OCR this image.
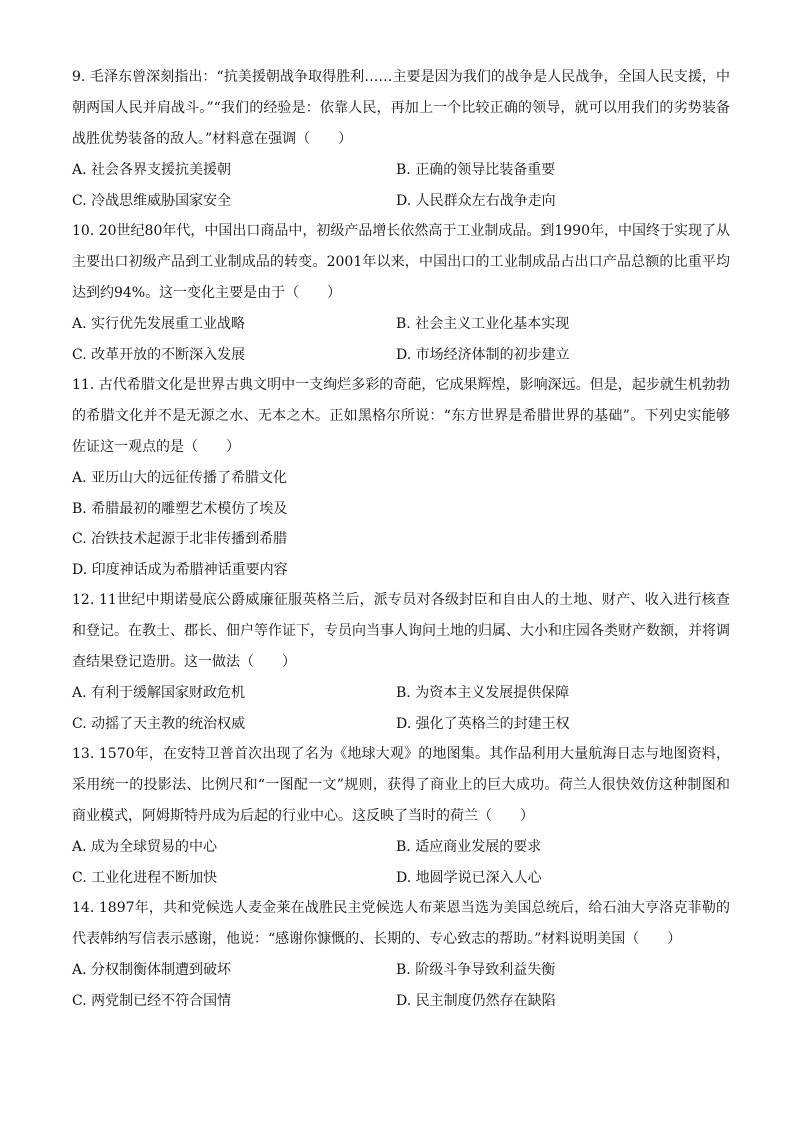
9. 毛泽东曾深刻指出：“抗美援朝战争取得胜利……主要是因为我们的战争是人民战争，全国人民支援，中朝两国人民并肩战斗。”“我们的经验是：依靠人民，再加上一个比较正确的领导，就可以用我们的劣势装备战胜优势装备的敌人。”材料意在强调（　　）

A. 社会各界支援抗美援朝	B. 正确的领导比装备重要
C. 冷战思维威胁国家安全	D. 人民群众左右战争走向

10. 20世纪80年代，中国出口商品中，初级产品增长依然高于工业制成品。到1990年，中国终于实现了从主要出口初级产品到工业制成品的转变。2001年以来，中国出口的工业制成品占出口产品总额的比重平均达到约94%。这一变化主要是由于（　　）

A. 实行优先发展重工业战略	B. 社会主义工业化基本实现
C. 改革开放的不断深入发展	D. 市场经济体制的初步建立

11. 古代希腊文化是世界古典文明中一支绚烂多彩的奇葩，它成果辉煌，影响深远。但是，起步就生机勃勃的希腊文化并不是无源之水、无本之木。正如黑格尔所说：“东方世界是希腊世界的基础”。下列史实能够佐证这一观点的是（　　）

A. 亚历山大的远征传播了希腊文化
B. 希腊最初的雕塑艺术模仿了埃及
C. 冶铁技术起源于北非传播到希腊
D. 印度神话成为希腊神话重要内容

12. 11世纪中期诺曼底公爵威廉征服英格兰后，派专员对各级封臣和自由人的土地、财产、收入进行核查和登记。在教士、郡长、佃户等作证下，专员向当事人询问土地的归属、大小和庄园各类财产数额，并将调查结果登记造册。这一做法（　　）

A. 有利于缓解国家财政危机	B. 为资本主义发展提供保障
C. 动摇了天主教的统治权威	D. 强化了英格兰的封建王权

13. 1570年，在安特卫普首次出现了名为《地球大观》的地图集。其作品利用大量航海日志与地图资料，采用统一的投影法、比例尺和“一图配一文”规则，获得了商业上的巨大成功。荷兰人很快效仿这种制图和商业模式，阿姆斯特丹成为后起的行业中心。这反映了当时的荷兰（　　）

A. 成为全球贸易的中心	B. 适应商业发展的要求
C. 工业化进程不断加快	D. 地圆学说已深入人心

14. 1897年，共和党候选人麦金莱在战胜民主党候选人布莱恩当选为美国总统后，给石油大亨洛克菲勒的代表韩纳写信表示感谢，他说：“感谢你慷慨的、长期的、专心致志的帮助。”材料说明美国（　　）

A. 分权制衡体制遭到破坏	B. 阶级斗争导致利益失衡
C. 两党制已经不符合国情	D. 民主制度仍然存在缺陷
